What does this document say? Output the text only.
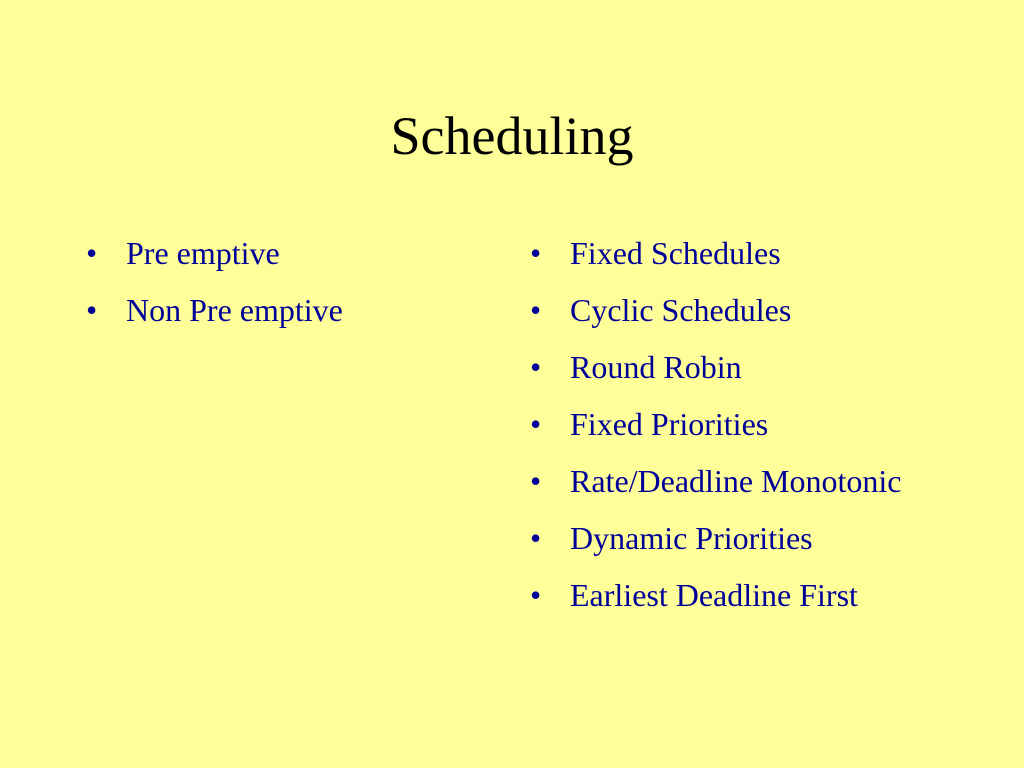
Scheduling
• Pre emptive
• Non Pre emptive
• Fixed Schedules
• Cyclic Schedules
• Round Robin
• Fixed Priorities
• Rate/Deadline Monotonic
• Dynamic Priorities
• Earliest Deadline First
